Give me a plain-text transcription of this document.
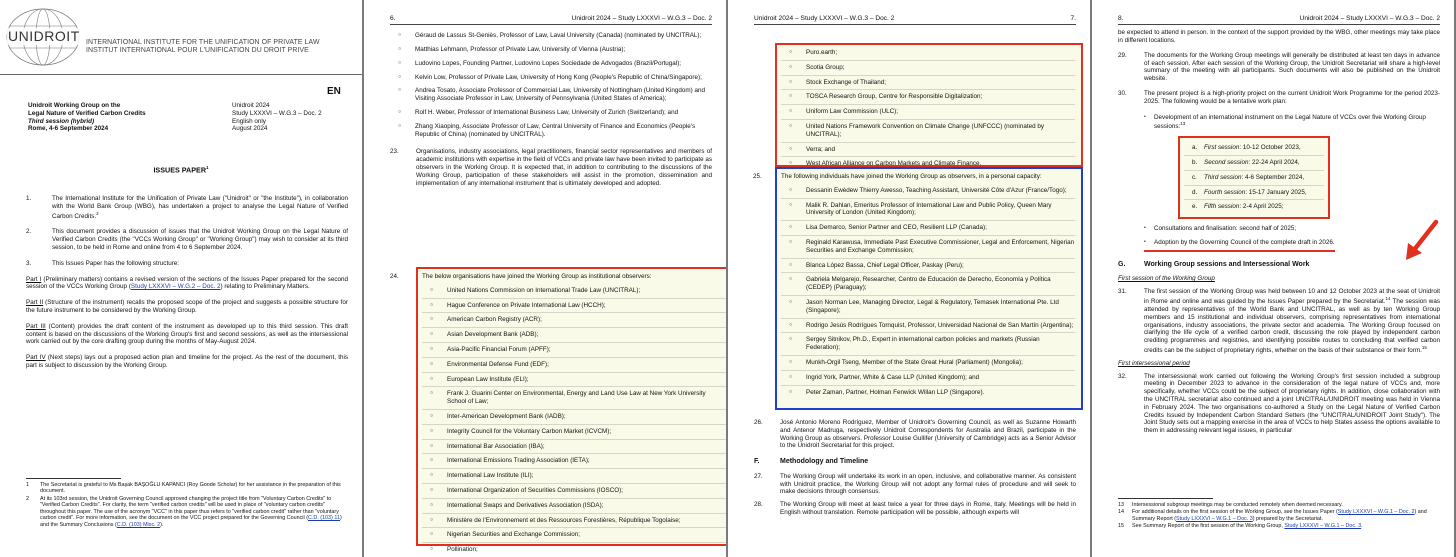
UNIDROIT INTERNATIONAL INSTITUTE FOR THE UNIFICATION OF PRIVATE LAW
INSTITUT INTERNATIONAL POUR L'UNIFICATION DU DROIT PRIVE
EN
Unidroit Working Group on the
Legal Nature of Verified Carbon Credits
Third session (hybrid)
Rome, 4-6 September 2024
Unidroit 2024
Study LXXXVI – W.G.3 – Doc. 2
English only
August 2024
ISSUES PAPER$^1$
1.	The International Institute for the Unification of Private Law ("Unidroit" or "the Institute"), in collaboration with the World Bank Group (WBG), has undertaken a project to analyse the Legal Nature of Verified Carbon Credits.$^2$
2.	This document provides a discussion of issues that the Unidroit Working Group on the Legal Nature of Verified Carbon Credits (the "VCCs Working Group" or "Working Group") may wish to consider at its third session, to be held in Rome and online from 4 to 6 September 2024.
3.	This Issues Paper has the following structure:
Part I (Preliminary matters) contains a revised version of the sections of the Issues Paper prepared for the second session of the VCCs Working Group (Study LXXXVI – W.G.2 – Doc. 2) relating to Preliminary Matters.
Part II (Structure of the instrument) recalls the proposed scope of the project and suggests a possible structure for the future instrument to be considered by the Working Group.
Part III (Content) provides the draft content of the instrument as developed up to this third session. This draft content is based on the discussions of the Working Group's first and second sessions, as well as the intersessional work carried out by the core drafting group during the months of May-August 2024.
Part IV (Next steps) lays out a proposed action plan and timeline for the project. As the rest of the document, this part is subject to discussion by the Working Group.
1	The Secretariat is grateful to Ms Başak BAŞOĞLU KAPANCI (Roy Goode Scholar) for her assistance in the preparation of this document.
2	At its 103rd session, the Unidroit Governing Council approved changing the project title from "Voluntary Carbon Credits" to "Verified Carbon Credits". For clarity, the term "verified carbon credits" will be used in place of "voluntary carbon credits" throughout this paper. The use of the acronym "VCC" in this paper thus refers to "verified carbon credit" rather than "voluntary carbon credit". For more information, see the document on the VCC project prepared for the Governing Council (C.D. (103) 11) and the Summary Conclusions (C.D. (103) Misc. 2).
6.	Unidroit 2024 – Study LXXXVI – W.G.3 – Doc. 2
○	Géraud de Lassus St-Geniès, Professor of Law, Laval University (Canada) (nominated by UNCITRAL);
○	Matthias Lehmann, Professor of Private Law, University of Vienna (Austria);
○	Ludovino Lopes, Founding Partner, Ludovino Lopes Sociedade de Advogados (Brazil/Portugal);
○	Kelvin Low, Professor of Private Law, University of Hong Kong (People's Republic of China/Singapore);
○	Andrea Tosato, Associate Professor of Commercial Law, University of Nottingham (United Kingdom) and Visiting Associate Professor in Law, University of Pennsylvania (United States of America);
○	Rolf H. Weber, Professor of International Business Law, University of Zurich (Switzerland); and
○	Zhang Xiaoping, Associate Professor of Law, Central University of Finance and Economics (People's Republic of China) (nominated by UNCITRAL).
23.	Organisations, industry associations, legal practitioners, financial sector representatives and members of academic institutions with expertise in the field of VCCs and private law have been invited to participate as observers in the Working Group. It is expected that, in addition to contributing to the discussions of the Working Group, participation of these stakeholders will assist in the promotion, dissemination and implementation of any international instrument that is ultimately developed and adopted.
24.	The below organisations have joined the Working Group as institutional observers:
○	United Nations Commission on International Trade Law (UNCITRAL);
○	Hague Conference on Private International Law (HCCH);
○	American Carbon Registry (ACR);
○	Asian Development Bank (ADB);
○	Asia-Pacific Financial Forum (APFF);
○	Environmental Defense Fund (EDF);
○	European Law Institute (ELI);
○	Frank J. Guarini Center on Environmental, Energy and Land Use Law at New York University School of Law;
○	Inter-American Development Bank (IADB);
○	Integrity Council for the Voluntary Carbon Market (ICVCM);
○	International Bar Association (IBA);
○	International Emissions Trading Association (IETA);
○	International Law Institute (ILI);
○	International Organization of Securities Commissions (IOSCO);
○	International Swaps and Derivatives Association (ISDA);
○	Ministère de l'Environnement et des Ressources Forestières, République Togolaise;
○	Nigerian Securities and Exchange Commission;
○	Pollination;
Unidroit 2024 – Study LXXXVI – W.G.3 – Doc. 2	7.
○	Puro.earth;
○	Scotia Group;
○	Stock Exchange of Thailand;
○	TOSCA Research Group, Centre for Responsible Digitalization;
○	Uniform Law Commission (ULC);
○	United Nations Framework Convention on Climate Change (UNFCCC) (nominated by UNCITRAL);
○	Verra; and
○	West African Alliance on Carbon Markets and Climate Finance.
25.	The following individuals have joined the Working Group as observers, in a personal capacity:
○	Dessanin Ewèdew Thierry Awesso, Teaching Assistant, Université Côte d'Azur (France/Togo);
○	Malik R. Dahlan, Emeritus Professor of International Law and Public Policy, Queen Mary University of London (United Kingdom);
○	Lisa Demarco, Senior Partner and CEO, Resilient LLP (Canada);
○	Reginald Karawusa, Immediate Past Executive Commissioner, Legal and Enforcement, Nigerian Securities and Exchange Commission;
○	Blanca López Bassa, Chief Legal Officer, Paskay (Peru);
○	Gabriela Melgarejo, Researcher, Centro de Educación de Derecho, Economía y Política (CEDEP) (Paraguay);
○	Jason Norman Lee, Managing Director, Legal & Regulatory, Temasek International Pte. Ltd (Singapore);
○	Rodrigo Jesús Rodrígues Tornquist, Professor, Universidad Nacional de San Martín (Argentina);
○	Sergey Sitnikov, Ph.D., Expert in international carbon policies and markets (Russian Federation);
○	Munkh-Orgil Tseng, Member of the State Great Hural (Parliament) (Mongolia);
○	Ingrid York, Partner, White & Case LLP (United Kingdom); and
○	Peter Zaman, Partner, Holman Fenwick Willan LLP (Singapore).
26.	José Antonio Moreno Rodríguez, Member of Unidroit's Governing Council, as well as Suzanne Howarth and Antenor Madruga, respectively Unidroit Correspondents for Australia and Brazil, participate in the Working Group as observers. Professor Louise Gullifer (University of Cambridge) acts as a Senior Advisor to the Unidroit Secretariat for this project.
F.	Methodology and Timeline
27.	The Working Group will undertake its work in an open, inclusive, and collaborative manner. As consistent with Unidroit practice, the Working Group will not adopt any formal rules of procedure and will seek to make decisions through consensus.
28.	The Working Group will meet at least twice a year for three days in Rome, Italy. Meetings will be held in English without translation. Remote participation will be possible, although experts will
8.	Unidroit 2024 – Study LXXXVI – W.G.3 – Doc. 2
be expected to attend in person. In the context of the support provided by the WBG, other meetings may take place in different locations.
29.	The documents for the Working Group meetings will generally be distributed at least ten days in advance of each session. After each session of the Working Group, the Unidroit Secretariat will share a high-level summary of the meeting with all participants. Such documents will also be published on the Unidroit website.
30.	The present project is a high-priority project on the current Unidroit Work Programme for the period 2023-2025. The following would be a tentative work plan:
•	Development of an international instrument on the Legal Nature of VCCs over five Working Group sessions:$^{13}$
a.	First session: 10-12 October 2023,
b.	Second session: 22-24 April 2024,
c.	Third session: 4-6 September 2024,
d.	Fourth session: 15-17 January 2025,
e.	Fifth session: 2-4 April 2025;
•	Consultations and finalisation: second half of 2025;
•	Adoption by the Governing Council of the complete draft in 2026.
G.	Working Group sessions and Intersessional Work
First session of the Working Group
31.	The first session of the Working Group was held between 10 and 12 October 2023 at the seat of Unidroit in Rome and online and was guided by the Issues Paper prepared by the Secretariat.$^{14}$ The session was attended by representatives of the World Bank and UNCITRAL, as well as by ten Working Group members and 15 institutional and individual observers, comprising representatives from international organisations, industry associations, the private sector and academia. The Working Group focused on clarifying the life cycle of a verified carbon credit, discussing the role played by independent carbon crediting programmes and registries, and identifying possible routes to concluding that verified carbon credits can be the subject of proprietary rights, whether on the basis of their substance or their form.$^{15}$
First intersessional period
32.	The intersessional work carried out following the Working Group's first session included a subgroup meeting in December 2023 to advance in the consideration of the legal nature of VCCs and, more specifically, whether VCCs could be the subject of proprietary rights. In addition, close collaboration with the UNCITRAL secretariat also continued and a joint UNCITRAL/UNIDROIT meeting was held in Vienna in February 2024. The two organisations co-authored a Study on the Legal Nature of Verified Carbon Credits Issued by Independent Carbon Standard Setters (the "UNCITRAL/UNIDROIT Joint Study"). The Joint Study sets out a mapping exercise in the area of VCCs to help States assess the options available to them in addressing relevant legal issues, in particular
13	Intersessional subgroup meetings may be conducted remotely when deemed necessary.
14	For additional details on the first session of the Working Group, see the Issues Paper (Study LXXXVI – W.G.1 – Doc. 2) and Summary Report (Study LXXXVI – W.G.1 – Doc. 3) prepared by the Secretariat.
15	See Summary Report of the first session of the Working Group, Study LXXXVI – W.G.1 – Doc. 3.
